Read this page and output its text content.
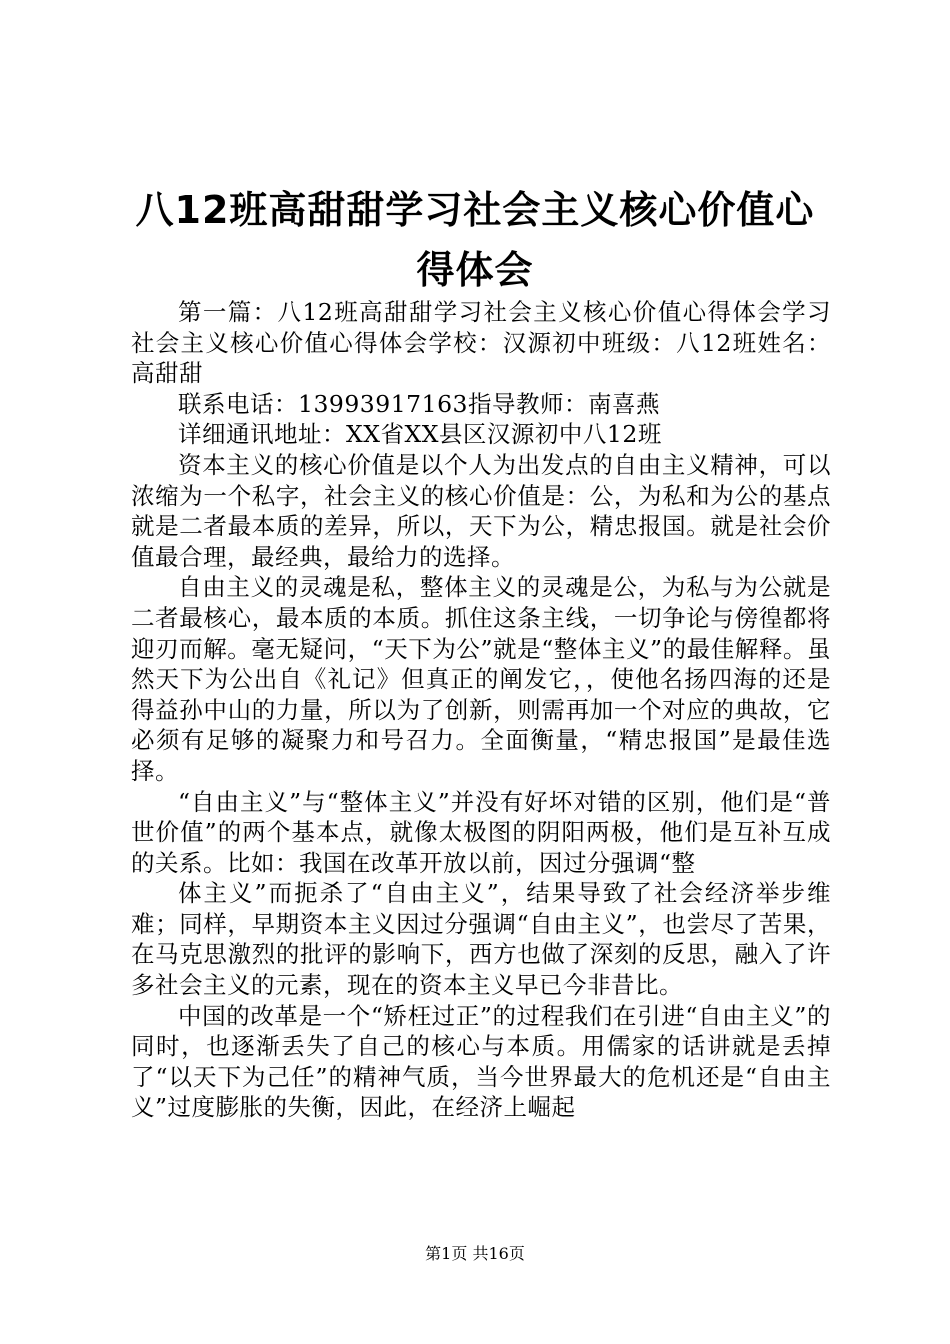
八12班高甜甜学习社会主义核心价值心得体会

第一篇：八12班高甜甜学习社会主义核心价值心得体会学习社会主义核心价值心得体会学校：汉源初中班级：八12班姓名：高甜甜

联系电话：13993917163指导教师：南喜燕

详细通讯地址：XX省XX县区汉源初中八12班

资本主义的核心价值是以个人为出发点的自由主义精神，可以浓缩为一个私字，社会主义的核心价值是：公，为私和为公的基点就是二者最本质的差异，所以，天下为公，精忠报国。就是社会价值最合理，最经典，最给力的选择。

自由主义的灵魂是私，整体主义的灵魂是公，为私与为公就是二者最核心，最本质的本质。抓住这条主线，一切争论与傍徨都将迎刃而解。毫无疑问，“天下为公”就是“整体主义”的最佳解释。虽然天下为公出自《礼记》但真正的阐发它，，使他名扬四海的还是得益孙中山的力量，所以为了创新，则需再加一个对应的典故，它必须有足够的凝聚力和号召力。全面衡量，“精忠报国”是最佳选择。

“自由主义”与“整体主义”并没有好坏对错的区别，他们是“普世价值”的两个基本点，就像太极图的阴阳两极，他们是互补互成的关系。比如：我国在改革开放以前，因过分强调“整

体主义”而扼杀了“自由主义”，结果导致了社会经济举步维难；同样，早期资本主义因过分强调“自由主义”，也尝尽了苦果，在马克思激烈的批评的影响下，西方也做了深刻的反思，融入了许多社会主义的元素，现在的资本主义早已今非昔比。

中国的改革是一个“矫枉过正”的过程我们在引进“自由主义”的同时，也逐渐丢失了自己的核心与本质。用儒家的话讲就是丢掉了“以天下为己任”的精神气质，当今世界最大的危机还是“自由主义”过度膨胀的失衡，因此，在经济上崛起

第1页 共16页
